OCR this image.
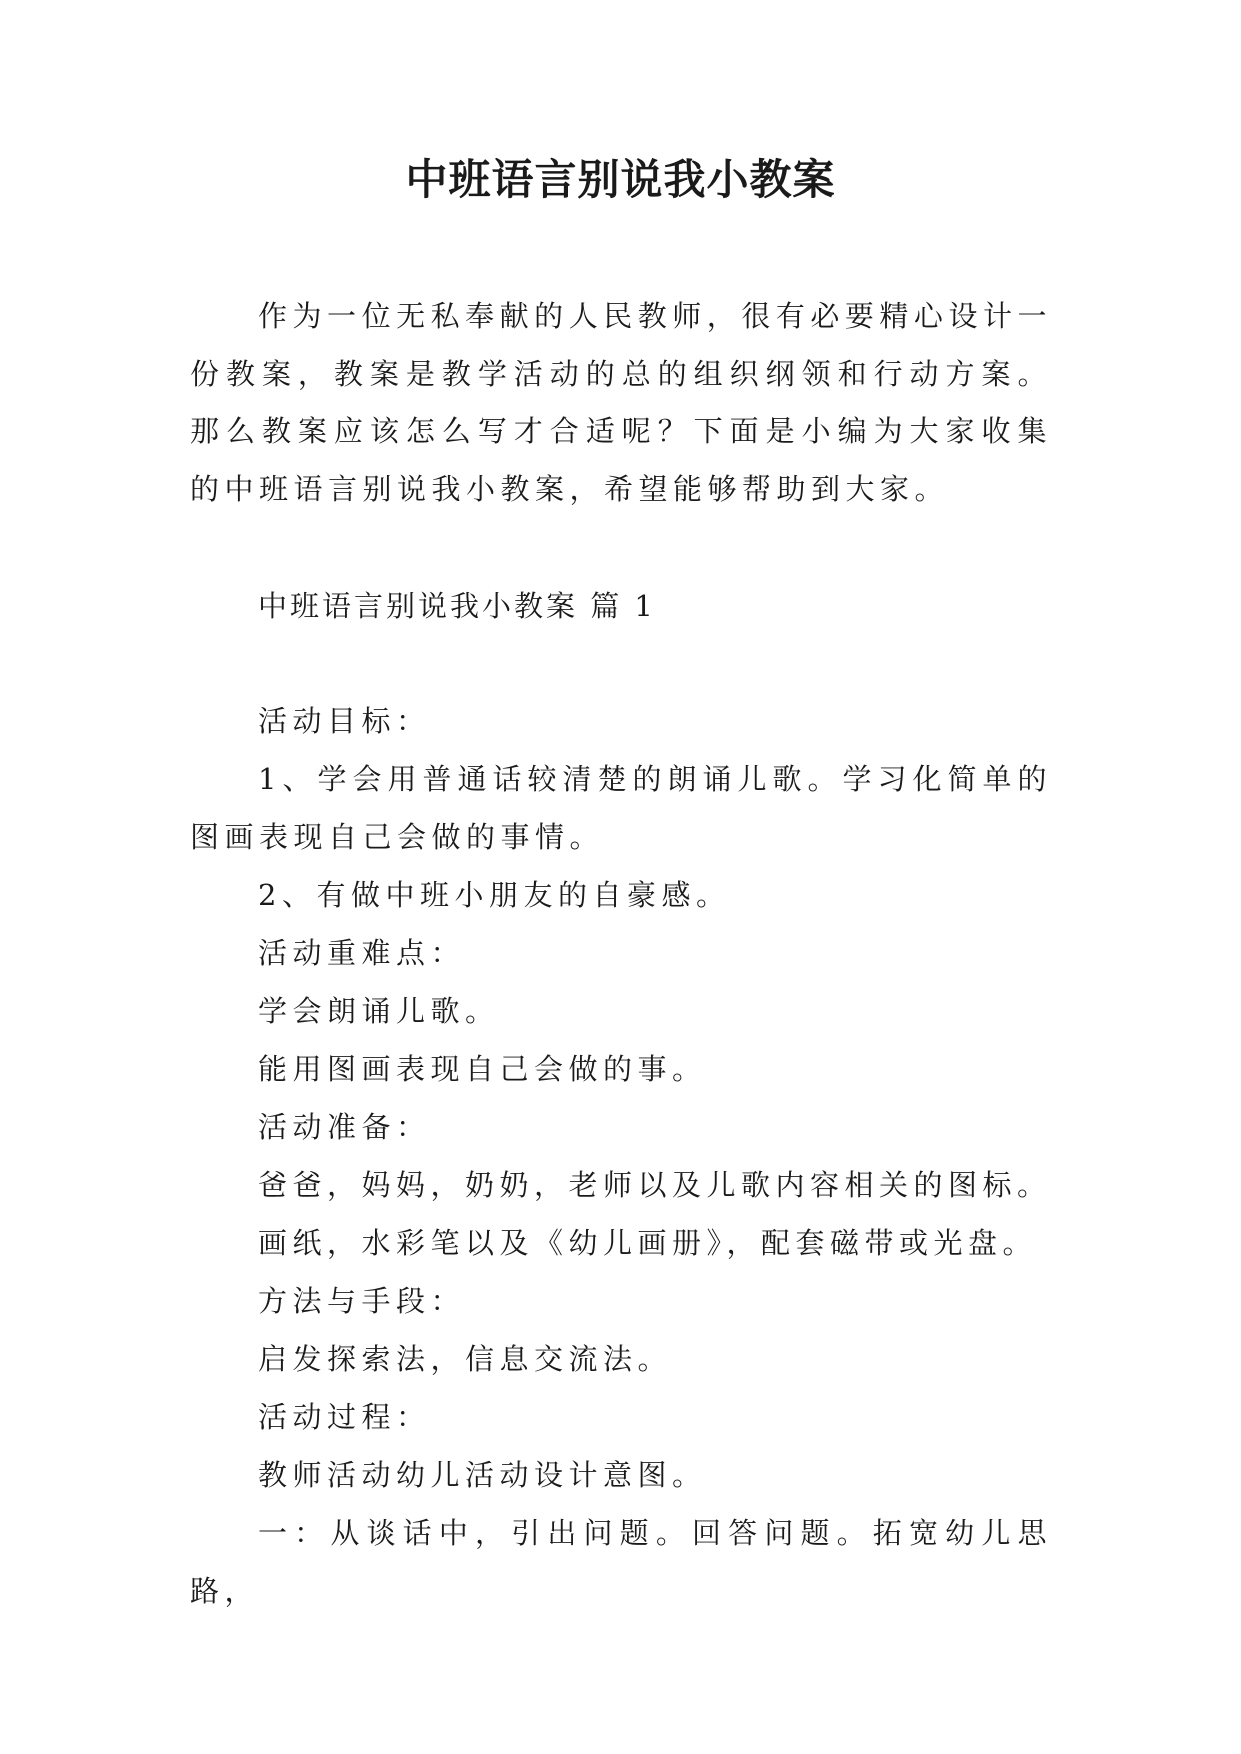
中班语言别说我小教案

作为一位无私奉献的人民教师，很有必要精心设计一份教案，教案是教学活动的总的组织纲领和行动方案。那么教案应该怎么写才合适呢？下面是小编为大家收集的中班语言别说我小教案，希望能够帮助到大家。

中班语言别说我小教案 篇 1

活动目标：

1、学会用普通话较清楚的朗诵儿歌。学习化简单的图画表现自己会做的事情。

2、有做中班小朋友的自豪感。

活动重难点：

学会朗诵儿歌。

能用图画表现自己会做的事。

活动准备：

爸爸，妈妈，奶奶，老师以及儿歌内容相关的图标。

画纸，水彩笔以及《幼儿画册》，配套磁带或光盘。

方法与手段：

启发探索法，信息交流法。

活动过程：

教师活动幼儿活动设计意图。

一：从谈话中，引出问题。回答问题。拓宽幼儿思路，
